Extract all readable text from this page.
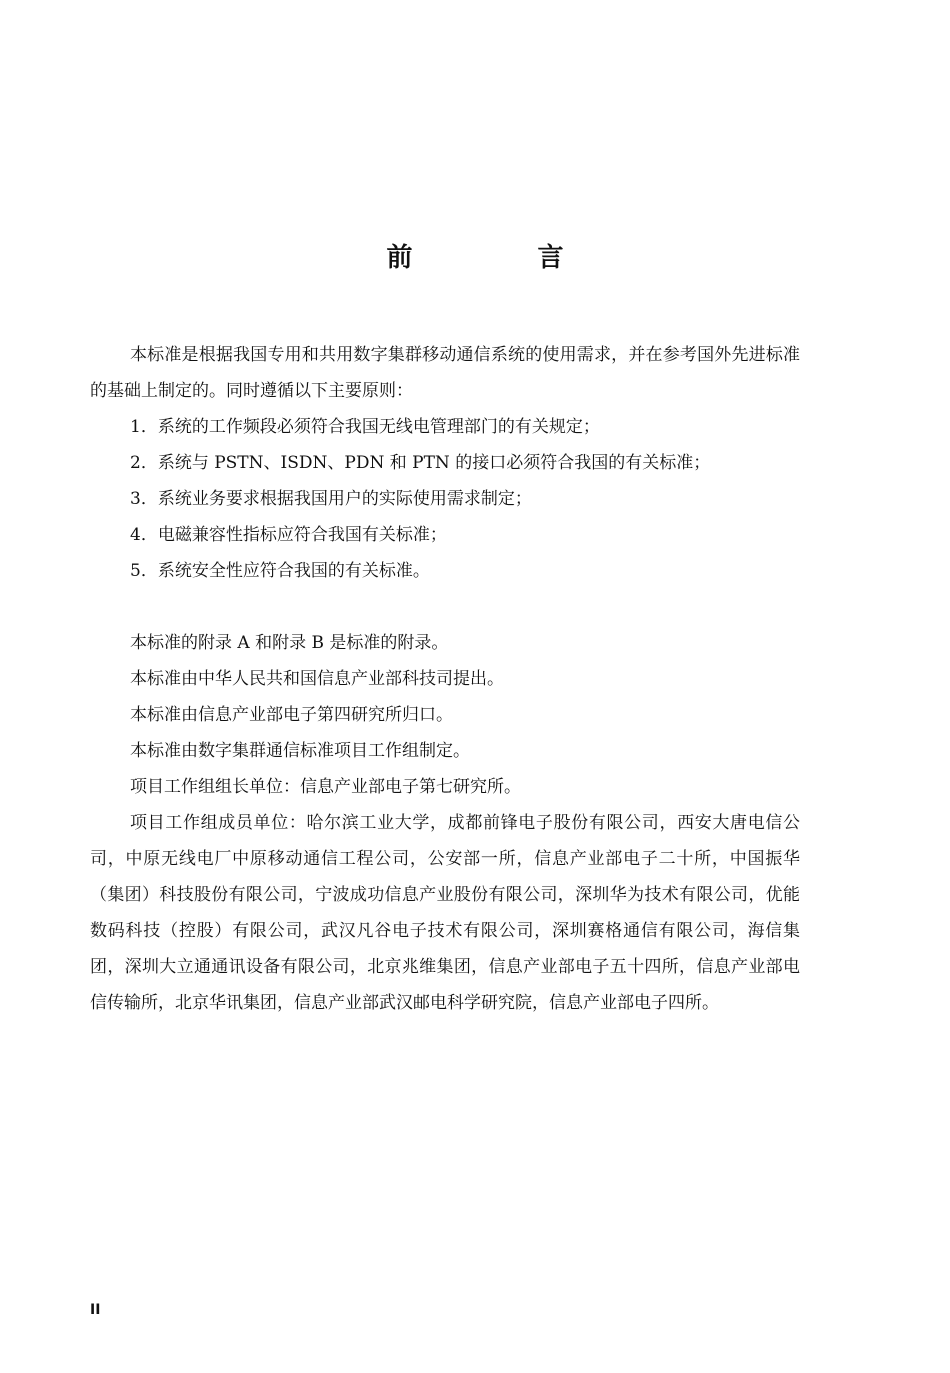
前 言

本标准是根据我国专用和共用数字集群移动通信系统的使用需求，并在参考国外先进标准的基础上制定的。同时遵循以下主要原则：

1．系统的工作频段必须符合我国无线电管理部门的有关规定；

2．系统与 PSTN、ISDN、PDN 和 PTN 的接口必须符合我国的有关标准；

3．系统业务要求根据我国用户的实际使用需求制定；

4．电磁兼容性指标应符合我国有关标准；

5．系统安全性应符合我国的有关标准。

本标准的附录 A 和附录 B 是标准的附录。

本标准由中华人民共和国信息产业部科技司提出。

本标准由信息产业部电子第四研究所归口。

本标准由数字集群通信标准项目工作组制定。

项目工作组组长单位：信息产业部电子第七研究所。

项目工作组成员单位：哈尔滨工业大学，成都前锋电子股份有限公司，西安大唐电信公司，中原无线电厂中原移动通信工程公司，公安部一所，信息产业部电子二十所，中国振华（集团）科技股份有限公司，宁波成功信息产业股份有限公司，深圳华为技术有限公司，优能数码科技（控股）有限公司，武汉凡谷电子技术有限公司，深圳赛格通信有限公司，海信集团，深圳大立通通讯设备有限公司，北京兆维集团，信息产业部电子五十四所，信息产业部电信传输所，北京华讯集团，信息产业部武汉邮电科学研究院，信息产业部电子四所。

II
